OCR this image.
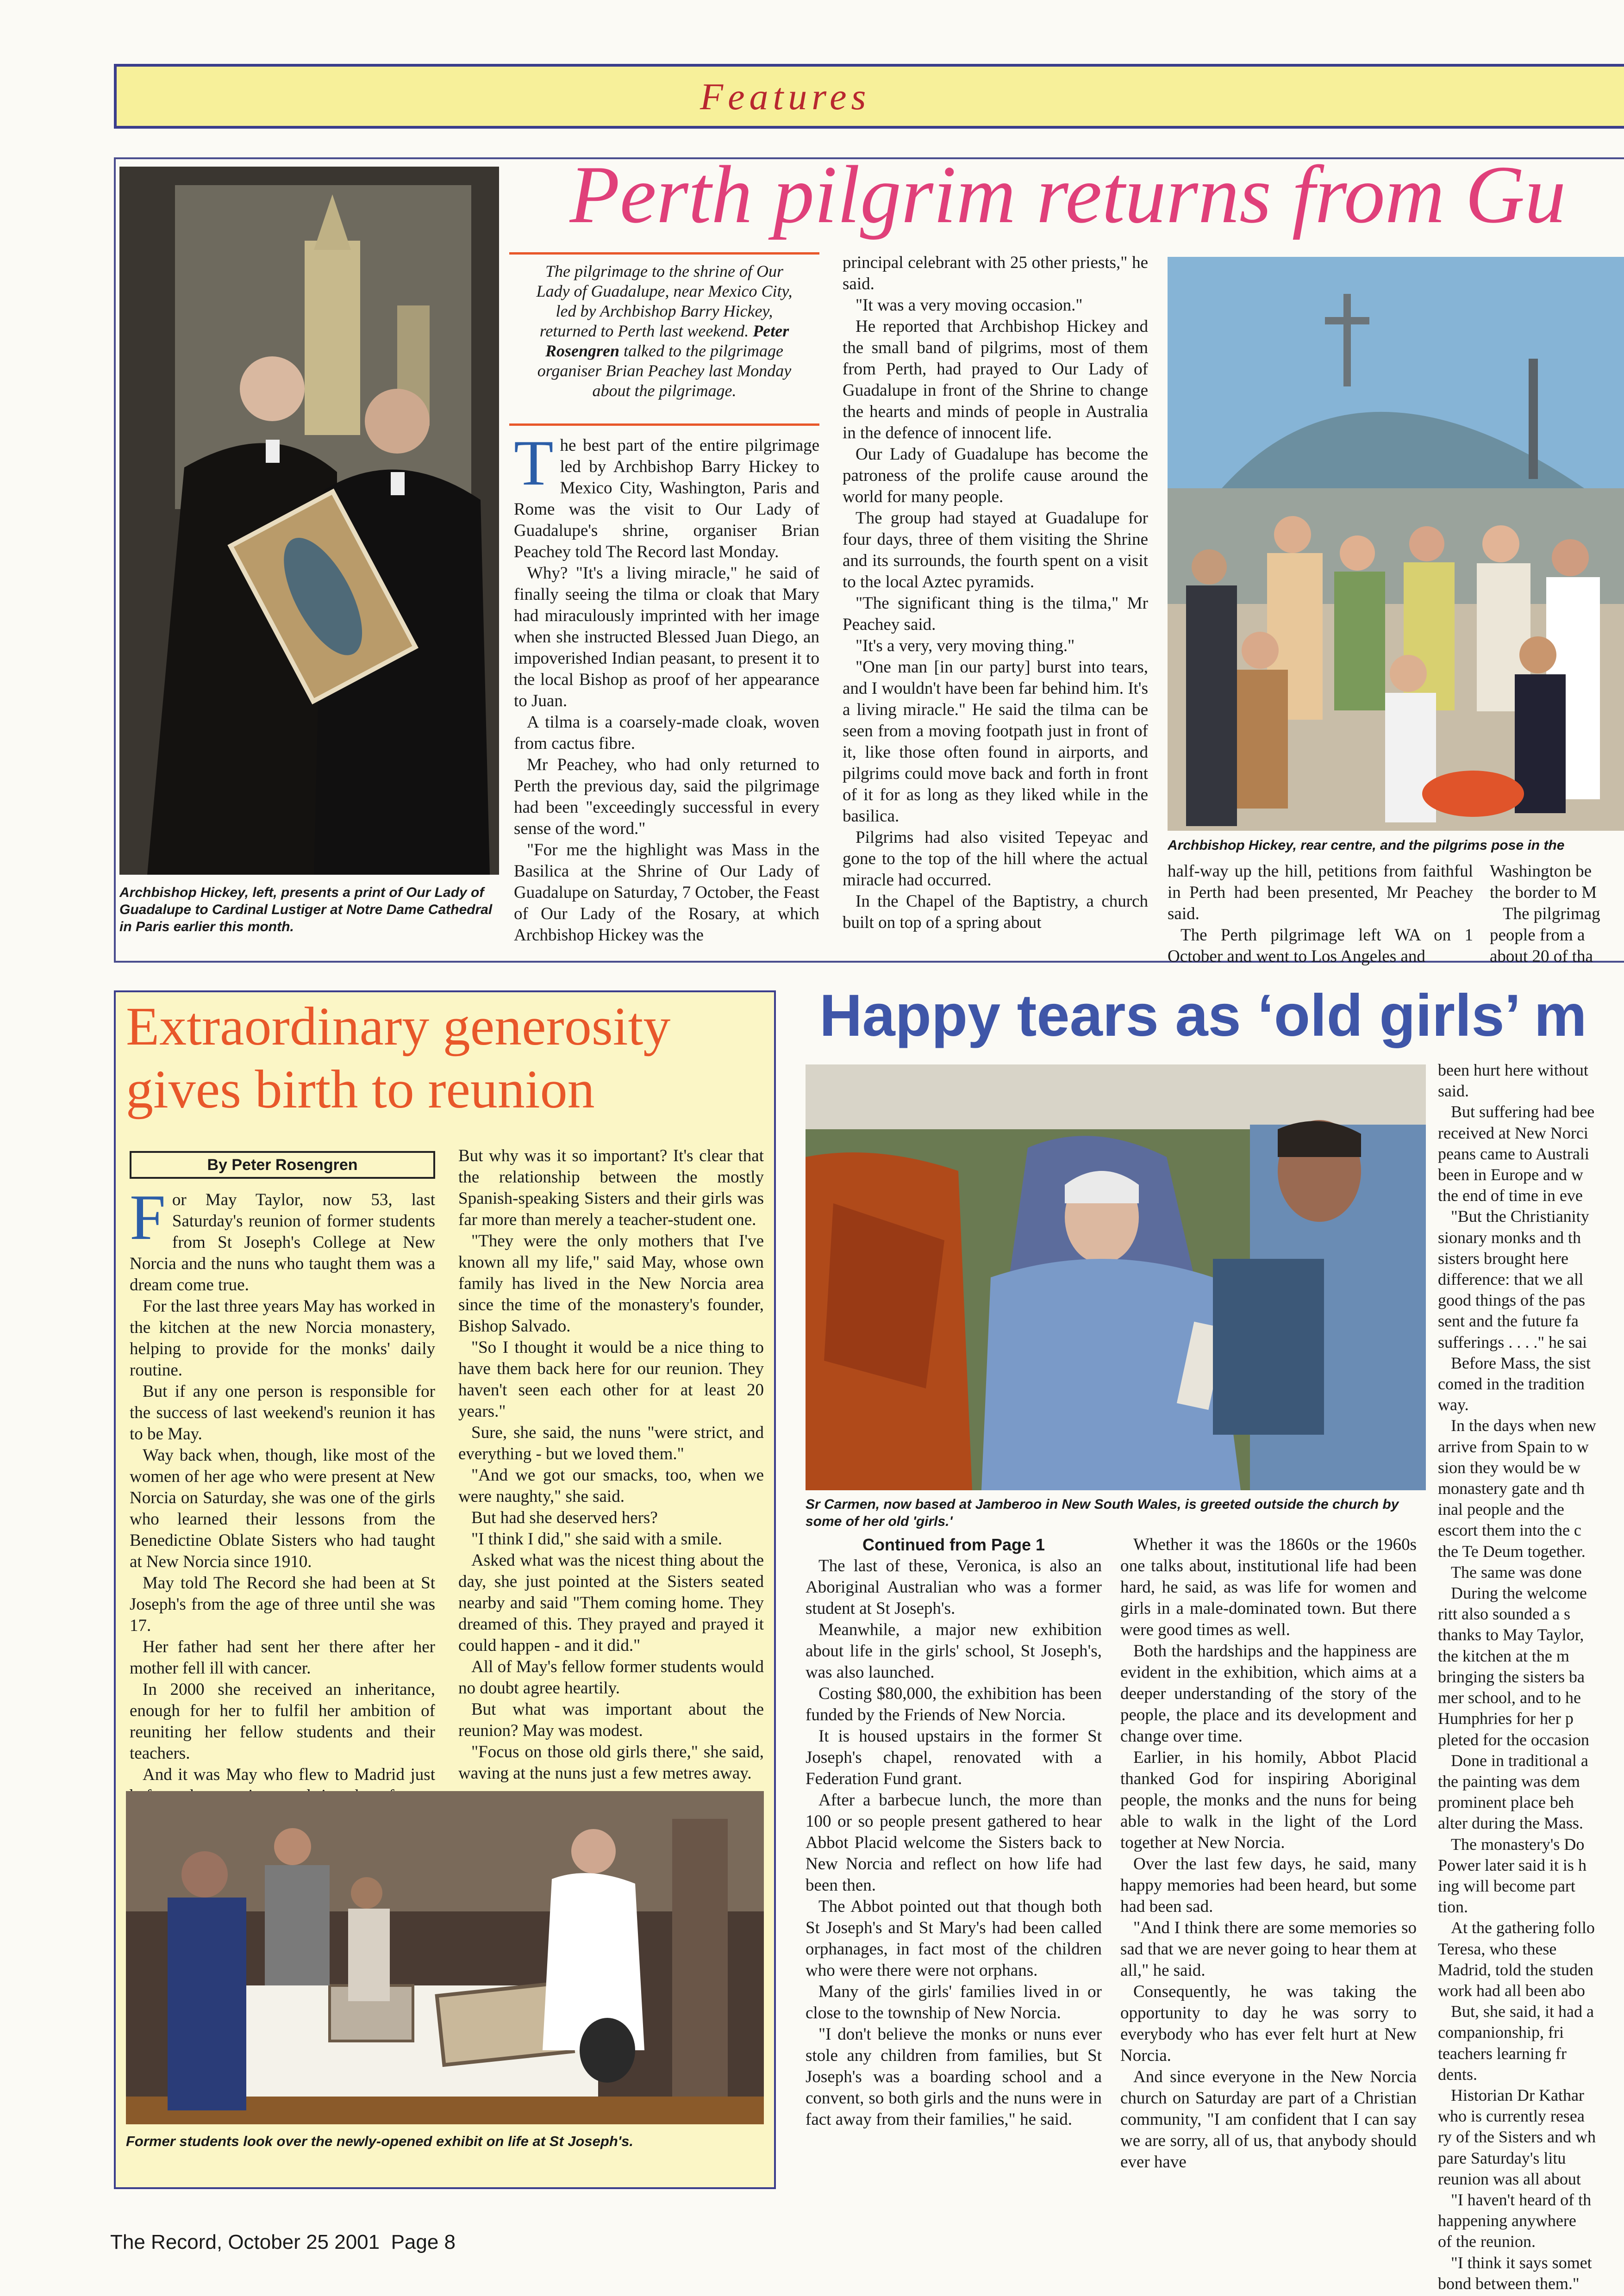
Features
Archbishop Hickey, left, presents a print of Our Lady of Guadalupe to Cardinal Lustiger at Notre Dame Cathedral in Paris earlier this month.
Perth pilgrim returns from Gu
The pilgrimage to the shrine of Our Lady of Guadalupe, near Mexico City, led by Archbishop Barry Hickey, returned to Perth last weekend. Peter Rosengren talked to the pilgrimage organiser Brian Peachey last Monday about the pilgrimage.
T he best part of the entire pilgrimage led by Archbishop Barry Hickey to Mexico City, Washington, Paris and Rome was the visit to Our Lady of Guadalupe's shrine, organiser Brian Peachey told The Record last Monday.

Why? "It's a living miracle," he said of finally seeing the tilma or cloak that Mary had miraculously imprinted with her image when she instructed Blessed Juan Diego, an impoverished Indian peasant, to present it to the local Bishop as proof of her appearance to Juan.

A tilma is a coarsely-made cloak, woven from cactus fibre.

Mr Peachey, who had only returned to Perth the previous day, said the pilgrimage had been "exceedingly successful in every sense of the word."

"For me the highlight was Mass in the Basilica at the Shrine of Our Lady of Guadalupe on Saturday, 7 October, the Feast of Our Lady of the Rosary, at which Archbishop Hickey was the

principal celebrant with 25 other priests," he said.

"It was a very moving occasion."

He reported that Archbishop Hickey and the small band of pilgrims, most of them from Perth, had prayed to Our Lady of Guadalupe in front of the Shrine to change the hearts and minds of people in Australia in the defence of innocent life.

Our Lady of Guadalupe has become the patroness of the prolife cause around the world for many people.

The group had stayed at Guadalupe for four days, three of them visiting the Shrine and its surrounds, the fourth spent on a visit to the local Aztec pyramids.

"The significant thing is the tilma," Mr Peachey said.

"It's a very, very moving thing."

"One man [in our party] burst into tears, and I wouldn't have been far behind him. It's a living miracle." He said the tilma can be seen from a moving footpath just in front of it, like those often found in airports, and pilgrims could move back and forth in front of it for as long as they liked while in the basilica.

Pilgrims had also visited Tepeyac and gone to the top of the hill where the actual miracle had occurred.

In the Chapel of the Baptistry, a church built on top of a spring about

Archbishop Hickey, rear centre, and the pilgrims pose in the

half-way up the hill, petitions from faithful in Perth had been presented, Mr Peachey said.

The Perth pilgrimage left WA on 1 October and went to Los Angeles and

Washington be
the border to M
The pilgrimag
people from a
about 20 of tha
Extraordinary generosity
gives birth to reunion
By Peter Rosengren
F or May Taylor, now 53, last Saturday's reunion of former students from St Joseph's College at New Norcia and the nuns who taught them was a dream come true.

For the last three years May has worked in the kitchen at the new Norcia monastery, helping to provide for the monks' daily routine.

But if any one person is responsible for the success of last weekend's reunion it has to be May.

Way back when, though, like most of the women of her age who were present at New Norcia on Saturday, she was one of the girls who learned their lessons from the Benedictine Oblate Sisters who had taught at New Norcia since 1910.

May told The Record she had been at St Joseph's from the age of three until she was 17.

Her father had sent her there after her mother fell ill with cancer.

In 2000 she received an inheritance, enough for her to fulfil her ambition of reuniting her fellow students and their teachers.

And it was May who flew to Madrid just

But why was it so important? It's clear that the relationship between the mostly Spanish-speaking Sisters and their girls was far more than merely a teacher-student one.

"They were the only mothers that I've known all my life," said May, whose own family has lived in the New Norcia area since the time of the monastery's founder, Bishop Salvado.

"So I thought it would be a nice thing to have them back here for our reunion. They haven't seen each other for at least 20 years."

Sure, she said, the nuns "were strict, and everything - but we loved them."

"And we got our smacks, too, when we were naughty," she said.

But had she deserved hers?

"I think I did," she said with a smile.

Asked what was the nicest thing about the day, she just pointed at the Sisters seated nearby and said "Them coming home. They dreamed of this. They prayed and prayed it could happen - and it did."

All of May's fellow former students would no doubt agree heartily.

But what was important about the reunion? May was modest.

"Focus on those old girls there," she said, waving at the nuns just a few metres away.

Former students look over the newly-opened exhibit on life at St Joseph's.
Happy tears as ‘old girls’ m
Sr Carmen, now based at Jamberoo in New South Wales, is greeted outside the church by some of her old 'girls.'
Continued from Page 1

The last of these, Veronica, is also an Aboriginal Australian who was a former student at St Joseph's.

Meanwhile, a major new exhibition about life in the girls' school, St Joseph's, was also launched.

Costing $80,000, the exhibition has been funded by the Friends of New Norcia.

It is housed upstairs in the former St Joseph's chapel, renovated with a Federation Fund grant.

After a barbecue lunch, the more than 100 or so people present gathered to hear Abbot Placid welcome the Sisters back to New Norcia and reflect on how life had been then.

The Abbot pointed out that though both St Joseph's and St Mary's had been called orphanages, in fact most of the children who were there were not orphans.

Many of the girls' families lived in or close to the township of New Norcia.

"I don't believe the monks or nuns ever stole any children from families, but St Joseph's was a boarding school and a convent, so both girls and the nuns were in fact away from their families," he said.

Whether it was the 1860s or the 1960s one talks about, institutional life had been hard, he said, as was life for women and girls in a male-dominated town. But there were good times as well.

Both the hardships and the happiness are evident in the exhibition, which aims at a deeper understanding of the story of the people, the place and its development and change over time.

Earlier, in his homily, Abbot Placid thanked God for inspiring Aboriginal people, the monks and the nuns for being able to walk in the light of the Lord together at New Norcia.

Over the last few days, he said, many happy memories had been heard, but some had been sad.

"And I think there are some memories so sad that we are never going to hear them at all," he said.

Consequently, he was taking the opportunity to day he was sorry to everybody who has ever felt hurt at New Norcia.

And since everyone in the New Norcia church on Saturday are part of a Christian community, "I am confident that I can say we are sorry, all of us, that anybody should ever have

been hurt here without
said.
But suffering had bee
received at New Norci
peans came to Australi
been in Europe and w
the end of time in eve
"But the Christianity
sionary monks and th
sisters brought here
difference: that we all
good things of the pas
sent and the future fa
sufferings . . . ." he sai
Before Mass, the sist
comed in the tradition
way.
In the days when new
arrive from Spain to w
sion they would be w
monastery gate and th
inal people and the
escort them into the c
the Te Deum together.
The same was done
During the welcome
ritt also sounded a s
thanks to May Taylor,
the kitchen at the m
bringing the sisters ba
mer school, and to he
Humphries for her p
pleted for the occasion
Done in traditional a
the painting was dem
prominent place beh
alter during the Mass.
The monastery's Do
Power later said it is h
ing will become part
tion.
At the gathering follo
Teresa, who these
Madrid, told the studen
work had all been abo
But, she said, it had a
companionship, fri
teachers learning fr
dents.
Historian Dr Kathar
who is currently resea
ry of the Sisters and wh
pare Saturday's litu
reunion was all about
"I haven't heard of th
happening anywhere
of the reunion.
"I think it says somet
bond between them."
The Record, October 25 2001  Page 8
